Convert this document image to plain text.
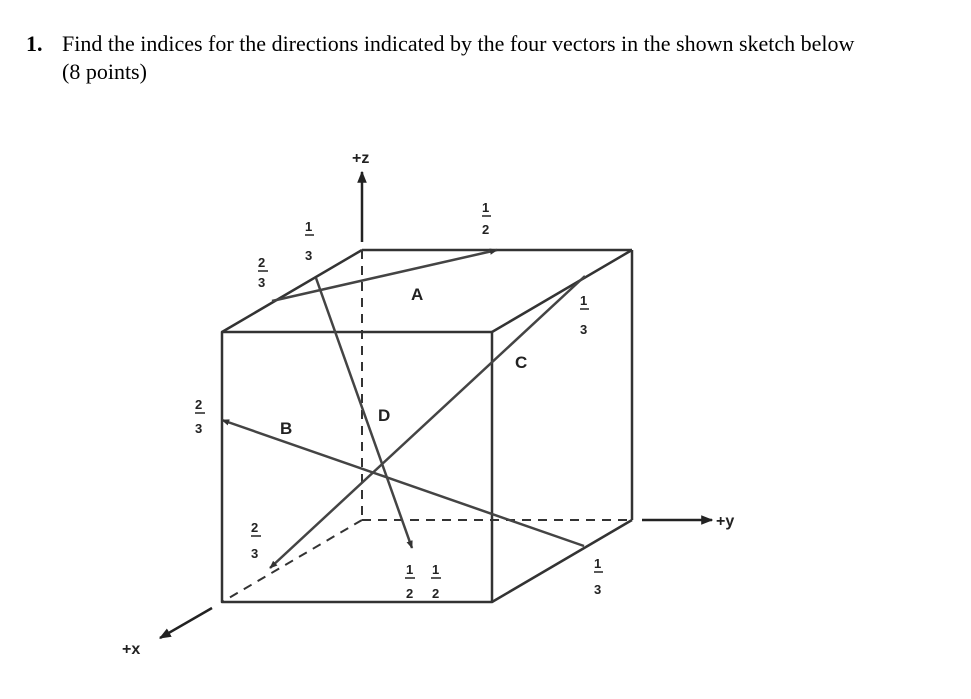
1. Find the indices for the directions indicated by the four vectors in the shown sketch below
(8 points)
+z
+y
+x
A
B
C
D
1
2
1
3
2
3
1
3
2
3
2
3
1
2
1
2
1
3
